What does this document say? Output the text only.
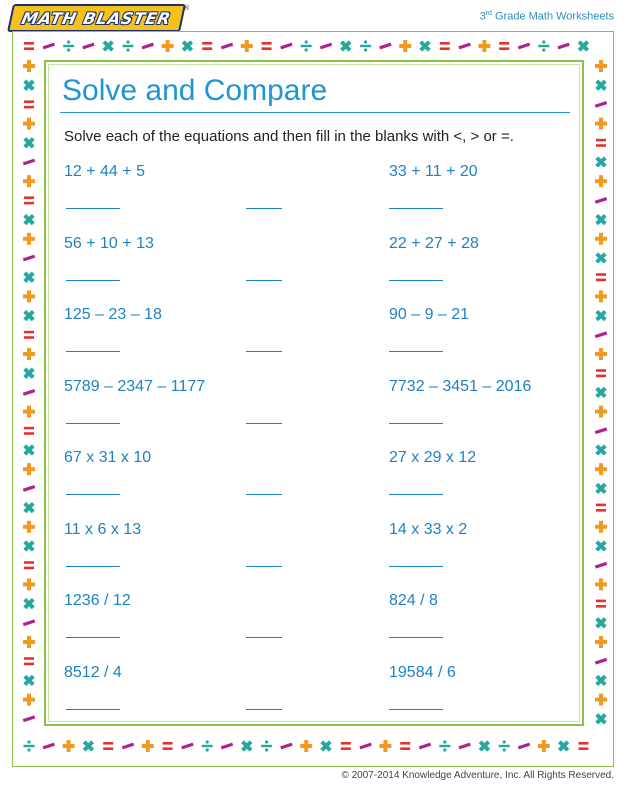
MATH BLASTER
®
3rd Grade Math Worksheets
Solve and Compare
Solve each of the equations and then fill in the blanks with <, > or =.
12 + 44 + 5	33 + 11 + 20
56 + 10 + 13	22 + 27 + 28
125 – 23 – 18	90 – 9 – 21
5789 – 2347 – 1177	7732 – 3451 – 2016
67 x 31 x 10	27 x 29 x 12
11 x 6 x 13	14 x 33 x 2
1236 / 12	824 / 8
8512 / 4	19584 / 6
© 2007-2014 Knowledge Adventure, Inc. All Rights Reserved.
